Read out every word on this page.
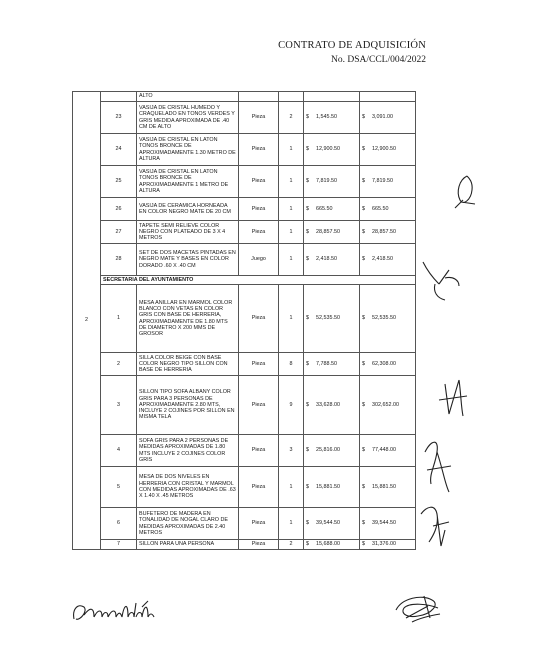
CONTRATO DE ADQUISICIÓN
No. DSA/CCL/004/2022
2		ALTO				
	23	VASIJA DE CRISTAL HUMEDO Y CRAQUELADO EN TONOS VERDES Y GRIS MEDIDA APROXIMADA DE .40 CM DE ALTO	Pieza	2	$ 1,545.50	$ 3,091.00
	24	VASIJA DE CRISTAL EN LATON TONOS BRONCE DE APROXIMADAMENTE 1.30 METRO DE ALTURA	Pieza	1	$ 12,900.50	$ 12,900.50
	25	VASIJA DE CRISTAL EN LATON TONOS BRONCE DE APROXIMADAMENTE 1 METRO DE ALTURA	Pieza	1	$ 7,819.50	$ 7,819.50
	26	VASIJA DE CERAMICA HORNEADA EN COLOR NEGRO MATE DE 20 CM	Pieza	1	$ 665.50	$ 665.50
	27	TAPETE SEMI RELIEVE COLOR NEGRO CON PLATEADO DE 3 X 4 METROS	Pieza	1	$ 28,857.50	$ 28,857.50
	28	SET DE DOS MACETAS PINTADAS EN NEGRO MATE Y BASES EN COLOR DORADO .60 X .40 CM	Juego	1	$ 2,418.50	$ 2,418.50
	SECRETARIA DEL AYUNTAMIENTO					
	1	MESA ANILLAR EN MARMOL COLOR BLANCO CON VETAS EN COLOR GRIS CON BASE DE HERRERIA, APROXIMADAMENTE DE 1.80 MTS DE DIAMETRO X 200 MMS DE GROSOR	Pieza	1	$ 52,535.50	$ 52,535.50
	2	SILLA COLOR BEIGE CON BASE COLOR NEGRO TIPO SILLON CON BASE DE HERRERIA	Pieza	8	$ 7,788.50	$ 62,308.00
	3	SILLON TIPO SOFA ALBANY COLOR GRIS PARA 3 PERSONAS DE APROXIMADAMENTE 2.80 MTS, INCLUYE 2 COJINES POR SILLON EN MISMA TELA	Pieza	9	$ 33,628.00	$ 302,652.00
	4	SOFA GRIS PARA 2 PERSONAS DE MEDIDAS APROXIMADAS DE 1.80 MTS INCLUYE 2 COJINES COLOR GRIS	Pieza	3	$ 25,816.00	$ 77,448.00
	5	MESA DE DOS NIVELES EN HERRERIA CON CRISTAL Y MARMOL CON MEDIDAS APROXIMADAS DE .63 X 1.40 X .45 METROS	Pieza	1	$ 15,881.50	$ 15,881.50
	6	BUFETERO DE MADERA EN TONALIDAD DE NOGAL CLARO DE MEDIDAS APROXIMADAS DE 2.40 METROS	Pieza	1	$ 39,544.50	$ 39,544.50
	7	SILLON PARA UNA PERSONA	Pieza	2	$ 15,688.00	$ 31,376.00
